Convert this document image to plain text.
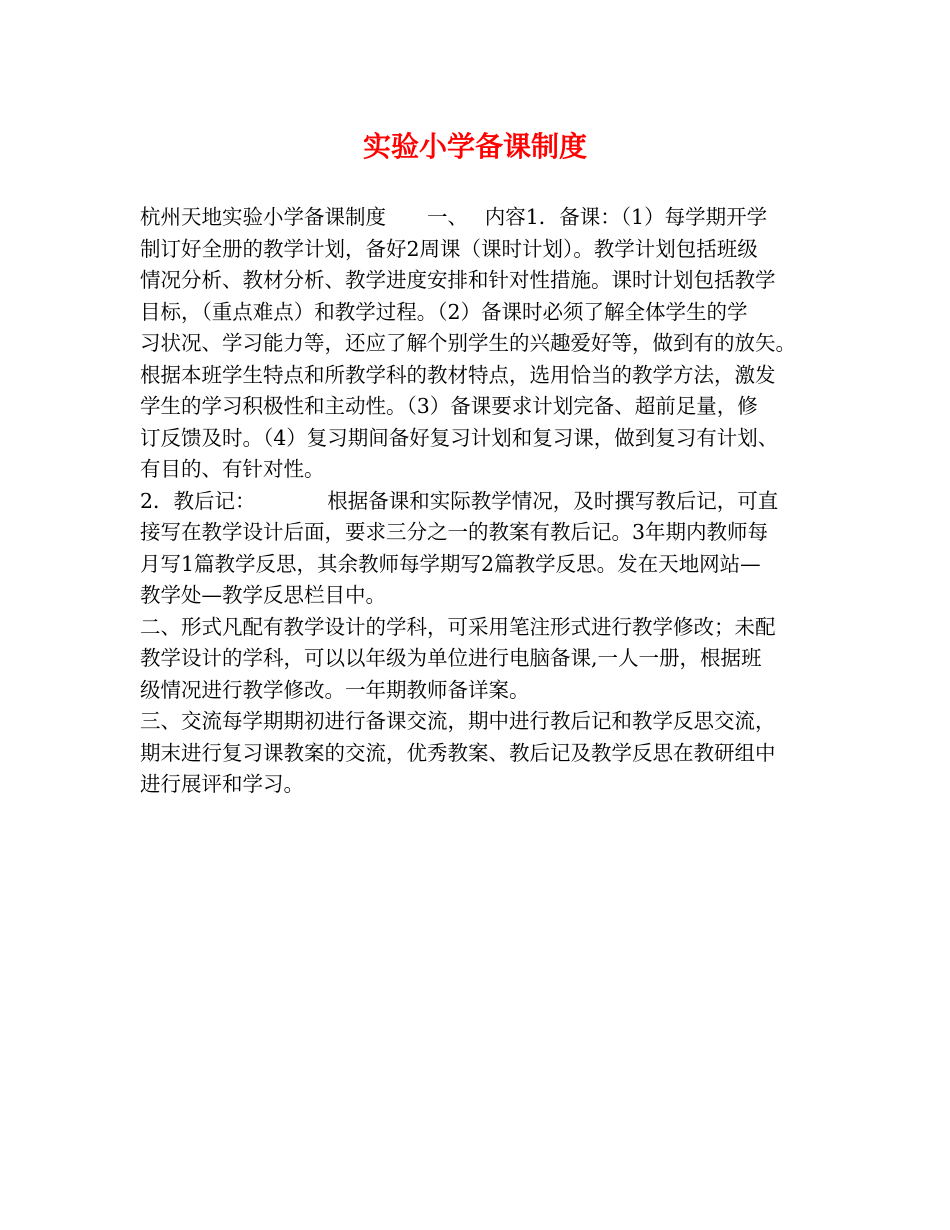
实验小学备课制度
杭州天地实验小学备课制度　　一、　 内容1．备课：（1）每学期开学
制订好全册的教学计划，备好2周课（课时计划）。教学计划包括班级
情况分析、教材分析、教学进度安排和针对性措施。课时计划包括教学
目标，（重点难点）和教学过程。（2）备课时必须了解全体学生的学
习状况、学习能力等，还应了解个别学生的兴趣爱好等，做到有的放矢。
根据本班学生特点和所教学科的教材特点，选用恰当的教学方法，激发
学生的学习积极性和主动性。（3）备课要求计划完备、超前足量，修
订反馈及时。（4）复习期间备好复习计划和复习课，做到复习有计划、
有目的、有针对性。
2．教后记：　　　　根据备课和实际教学情况，及时撰写教后记，可直
接写在教学设计后面，要求三分之一的教案有教后记。3年期内教师每
月写1篇教学反思，其余教师每学期写2篇教学反思。发在天地网站—
教学处—教学反思栏目中。
二、形式凡配有教学设计的学科，可采用笔注形式进行教学修改；未配
教学设计的学科，可以以年级为单位进行电脑备课,一人一册，根据班
级情况进行教学修改。一年期教师备详案。
三、交流每学期期初进行备课交流，期中进行教后记和教学反思交流，
期末进行复习课教案的交流，优秀教案、教后记及教学反思在教研组中
进行展评和学习。
